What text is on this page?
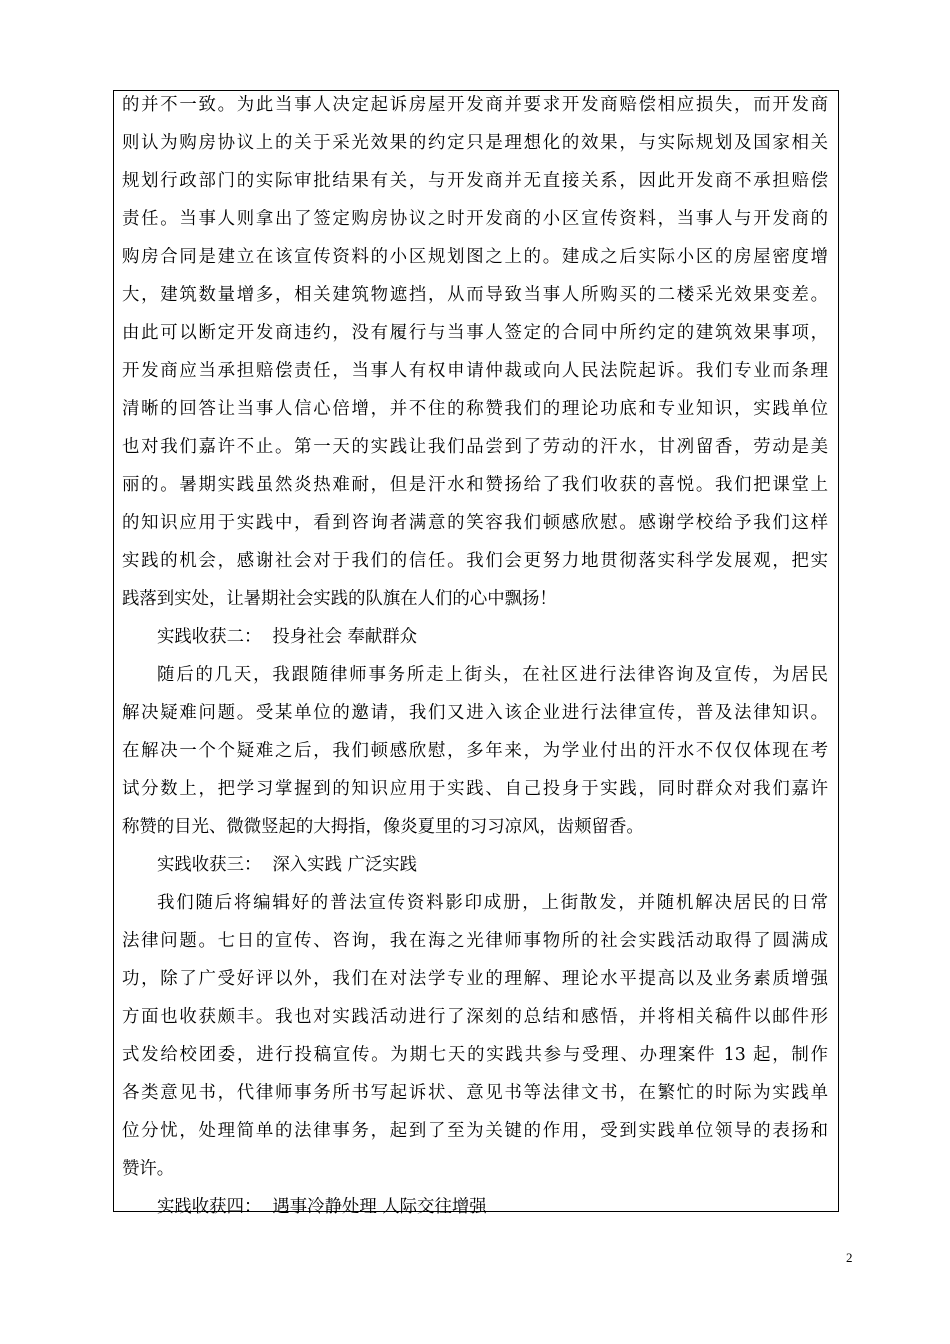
的并不一致。为此当事人决定起诉房屋开发商并要求开发商赔偿相应损失，而开发商
则认为购房协议上的关于采光效果的约定只是理想化的效果，与实际规划及国家相关
规划行政部门的实际审批结果有关，与开发商并无直接关系，因此开发商不承担赔偿
责任。当事人则拿出了签定购房协议之时开发商的小区宣传资料，当事人与开发商的
购房合同是建立在该宣传资料的小区规划图之上的。建成之后实际小区的房屋密度增
大，建筑数量增多，相关建筑物遮挡，从而导致当事人所购买的二楼采光效果变差。
由此可以断定开发商违约，没有履行与当事人签定的合同中所约定的建筑效果事项，
开发商应当承担赔偿责任，当事人有权申请仲裁或向人民法院起诉。我们专业而条理
清晰的回答让当事人信心倍增，并不住的称赞我们的理论功底和专业知识，实践单位
也对我们嘉许不止。第一天的实践让我们品尝到了劳动的汗水，甘冽留香，劳动是美
丽的。暑期实践虽然炎热难耐，但是汗水和赞扬给了我们收获的喜悦。我们把课堂上
的知识应用于实践中，看到咨询者满意的笑容我们顿感欣慰。感谢学校给予我们这样
实践的机会，感谢社会对于我们的信任。我们会更努力地贯彻落实科学发展观，把实
践落到实处，让暑期社会实践的队旗在人们的心中飘扬！
实践收获二：  投身社会 奉献群众
随后的几天，我跟随律师事务所走上街头，在社区进行法律咨询及宣传，为居民
解决疑难问题。受某单位的邀请，我们又进入该企业进行法律宣传，普及法律知识。
在解决一个个疑难之后，我们顿感欣慰，多年来，为学业付出的汗水不仅仅体现在考
试分数上，把学习掌握到的知识应用于实践、自己投身于实践，同时群众对我们嘉许
称赞的目光、微微竖起的大拇指，像炎夏里的习习凉风，齿颊留香。
实践收获三：  深入实践 广泛实践
我们随后将编辑好的普法宣传资料影印成册，上街散发，并随机解决居民的日常
法律问题。七日的宣传、咨询，我在海之光律师事物所的社会实践活动取得了圆满成
功，除了广受好评以外，我们在对法学专业的理解、理论水平提高以及业务素质增强
方面也收获颇丰。我也对实践活动进行了深刻的总结和感悟，并将相关稿件以邮件形
式发给校团委，进行投稿宣传。为期七天的实践共参与受理、办理案件 13 起，制作
各类意见书，代律师事务所书写起诉状、意见书等法律文书，在繁忙的时际为实践单
位分忧，处理简单的法律事务，起到了至为关键的作用，受到实践单位领导的表扬和
赞许。
实践收获四：  遇事冷静处理 人际交往增强
2
